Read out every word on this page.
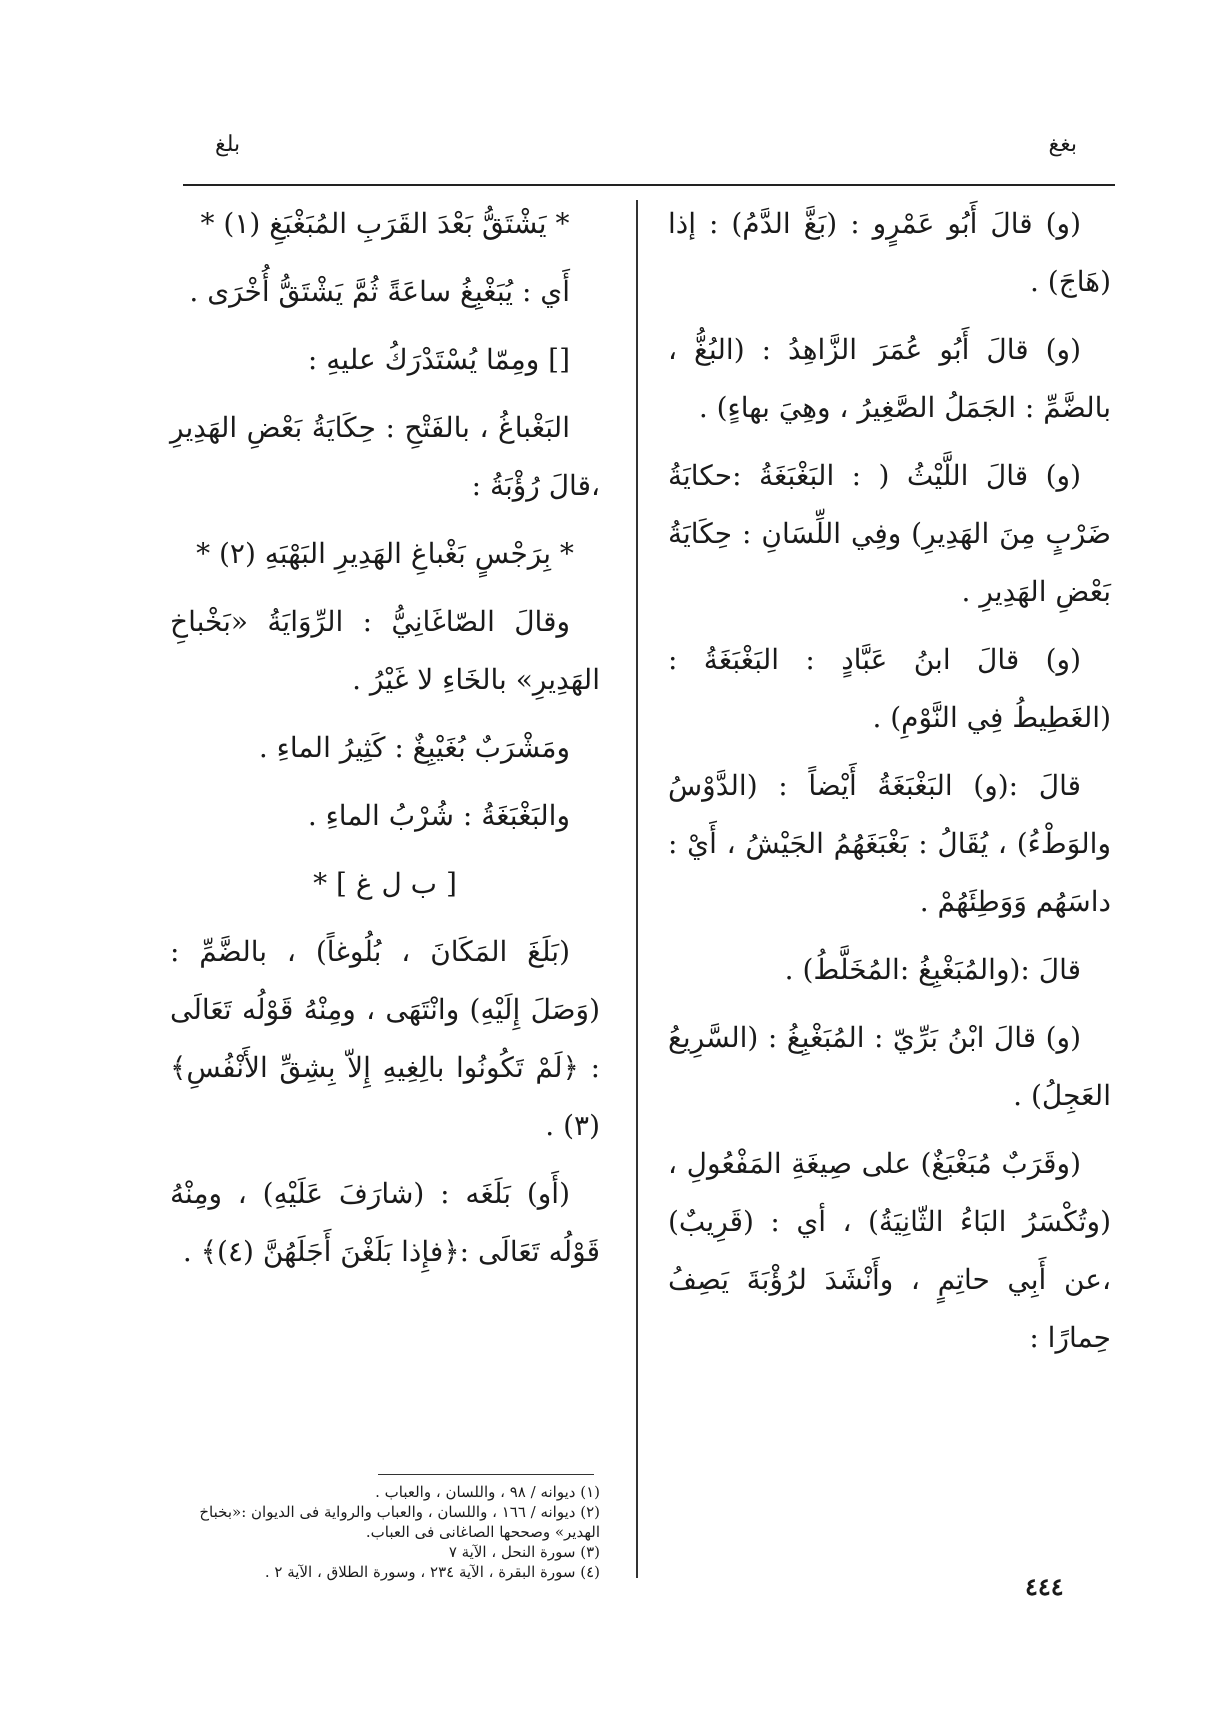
بغغ
بلغ

(و) قالَ أَبُو عَمْرٍو : (بَغَّ الدَّمُ) : إذا (هَاجَ) .

(و) قالَ أَبُو عُمَرَ الزَّاهِدُ : (البُغُّ ، بالضَّمِّ : الجَمَلُ الصَّغِيرُ ، وهِيَ بهاءٍ) .

(و) قالَ اللَّيْثُ ( : البَغْبَغَةُ :حكايَةُ ضَرْبٍ مِنَ الهَدِيرِ) وفِي اللِّسَانِ : حِكَايَةُ بَعْضِ الهَدِيرِ .

(و) قالَ ابنُ عَبَّادٍ : البَغْبَغَةُ : (الغَطِيطُ فِي النَّوْمِ) .

قالَ :(و) البَغْبَغَةُ أَيْضاً : (الدَّوْسُ والوَطْءُ) ، يُقَالُ : بَغْبَغَهُمُ الجَيْشُ ، أَيْ : داسَهُم وَوَطِئَهُمْ .

قالَ :(والمُبَغْبِغُ :المُخَلَّطُ) .

(و) قالَ ابْنُ بَرِّيّ : المُبَغْبِغُ : (السَّرِيعُ العَجِلُ) .

(وقَرَبٌ مُبَغْبَغٌ) علی صِيغَةِ المَفْعُولِ ، (وتُكْسَرُ البَاءُ الثّانِيَةُ) ، أي : (قَرِيبٌ) ،عن أَبِي حاتِمٍ ، وأَنْشَدَ لرُؤْبَةَ يَصِفُ حِمارًا :

* يَشْتَقُّ بَعْدَ القَرَبِ المُبَغْبَغِ (١) *

أَي : يُبَغْبِغُ ساعَةً ثُمَّ يَشْتَقُّ أُخْرَى .

[] ومِمّا يُسْتَدْرَكُ عليهِ :

البَغْباغُ ، بالفَتْحِ : حِكَايَةُ بَعْضِ الهَدِيرِ ،قالَ رُؤْبَةُ :

* بِرَجْسٍ بَغْباغِ الهَدِيرِ البَهْبَهِ (٢) *

وقالَ الصّاغَانِيُّ : الرِّوَايَةُ «بَخْباخِ الهَدِيرِ» بالخَاءِ لا غَيْرُ .

ومَشْرَبٌ بُغَيْبِغٌ : كَثِيرُ الماءِ .

والبَغْبَغَةُ : شُرْبُ الماءِ .

[ ب ل غ ] *

(بَلَغَ المَكَانَ ، بُلُوغاً) ، بالضَّمِّ : (وَصَلَ إِلَيْهِ) وانْتَهَى ، ومِنْهُ قَوْلُه تَعَالَى : ﴿لَمْ تَكُونُوا بالِغِيهِ إِلاّ بِشِقِّ الأَنْفُسِ﴾ (٣) .

(أَو) بَلَغَه : (شارَفَ عَلَيْهِ) ، ومِنْهُ قَوْلُه تَعَالَى :﴿فإِذا بَلَغْنَ أَجَلَهُنَّ (٤)﴾ .

(١) ديوانه / ٩٨ ، واللسان ، والعباب .
(٢) ديوانه / ١٦٦ ، واللسان ، والعباب والرواية فى الديوان :«بخباخ الهدير» وصححها الصاغانى فى العباب.
(٣) سورة النحل ، الآية ٧
(٤) سورة البقرة ، الآية ٢٣٤ ، وسورة الطلاق ، الآية ٢ .	٤٤٤
